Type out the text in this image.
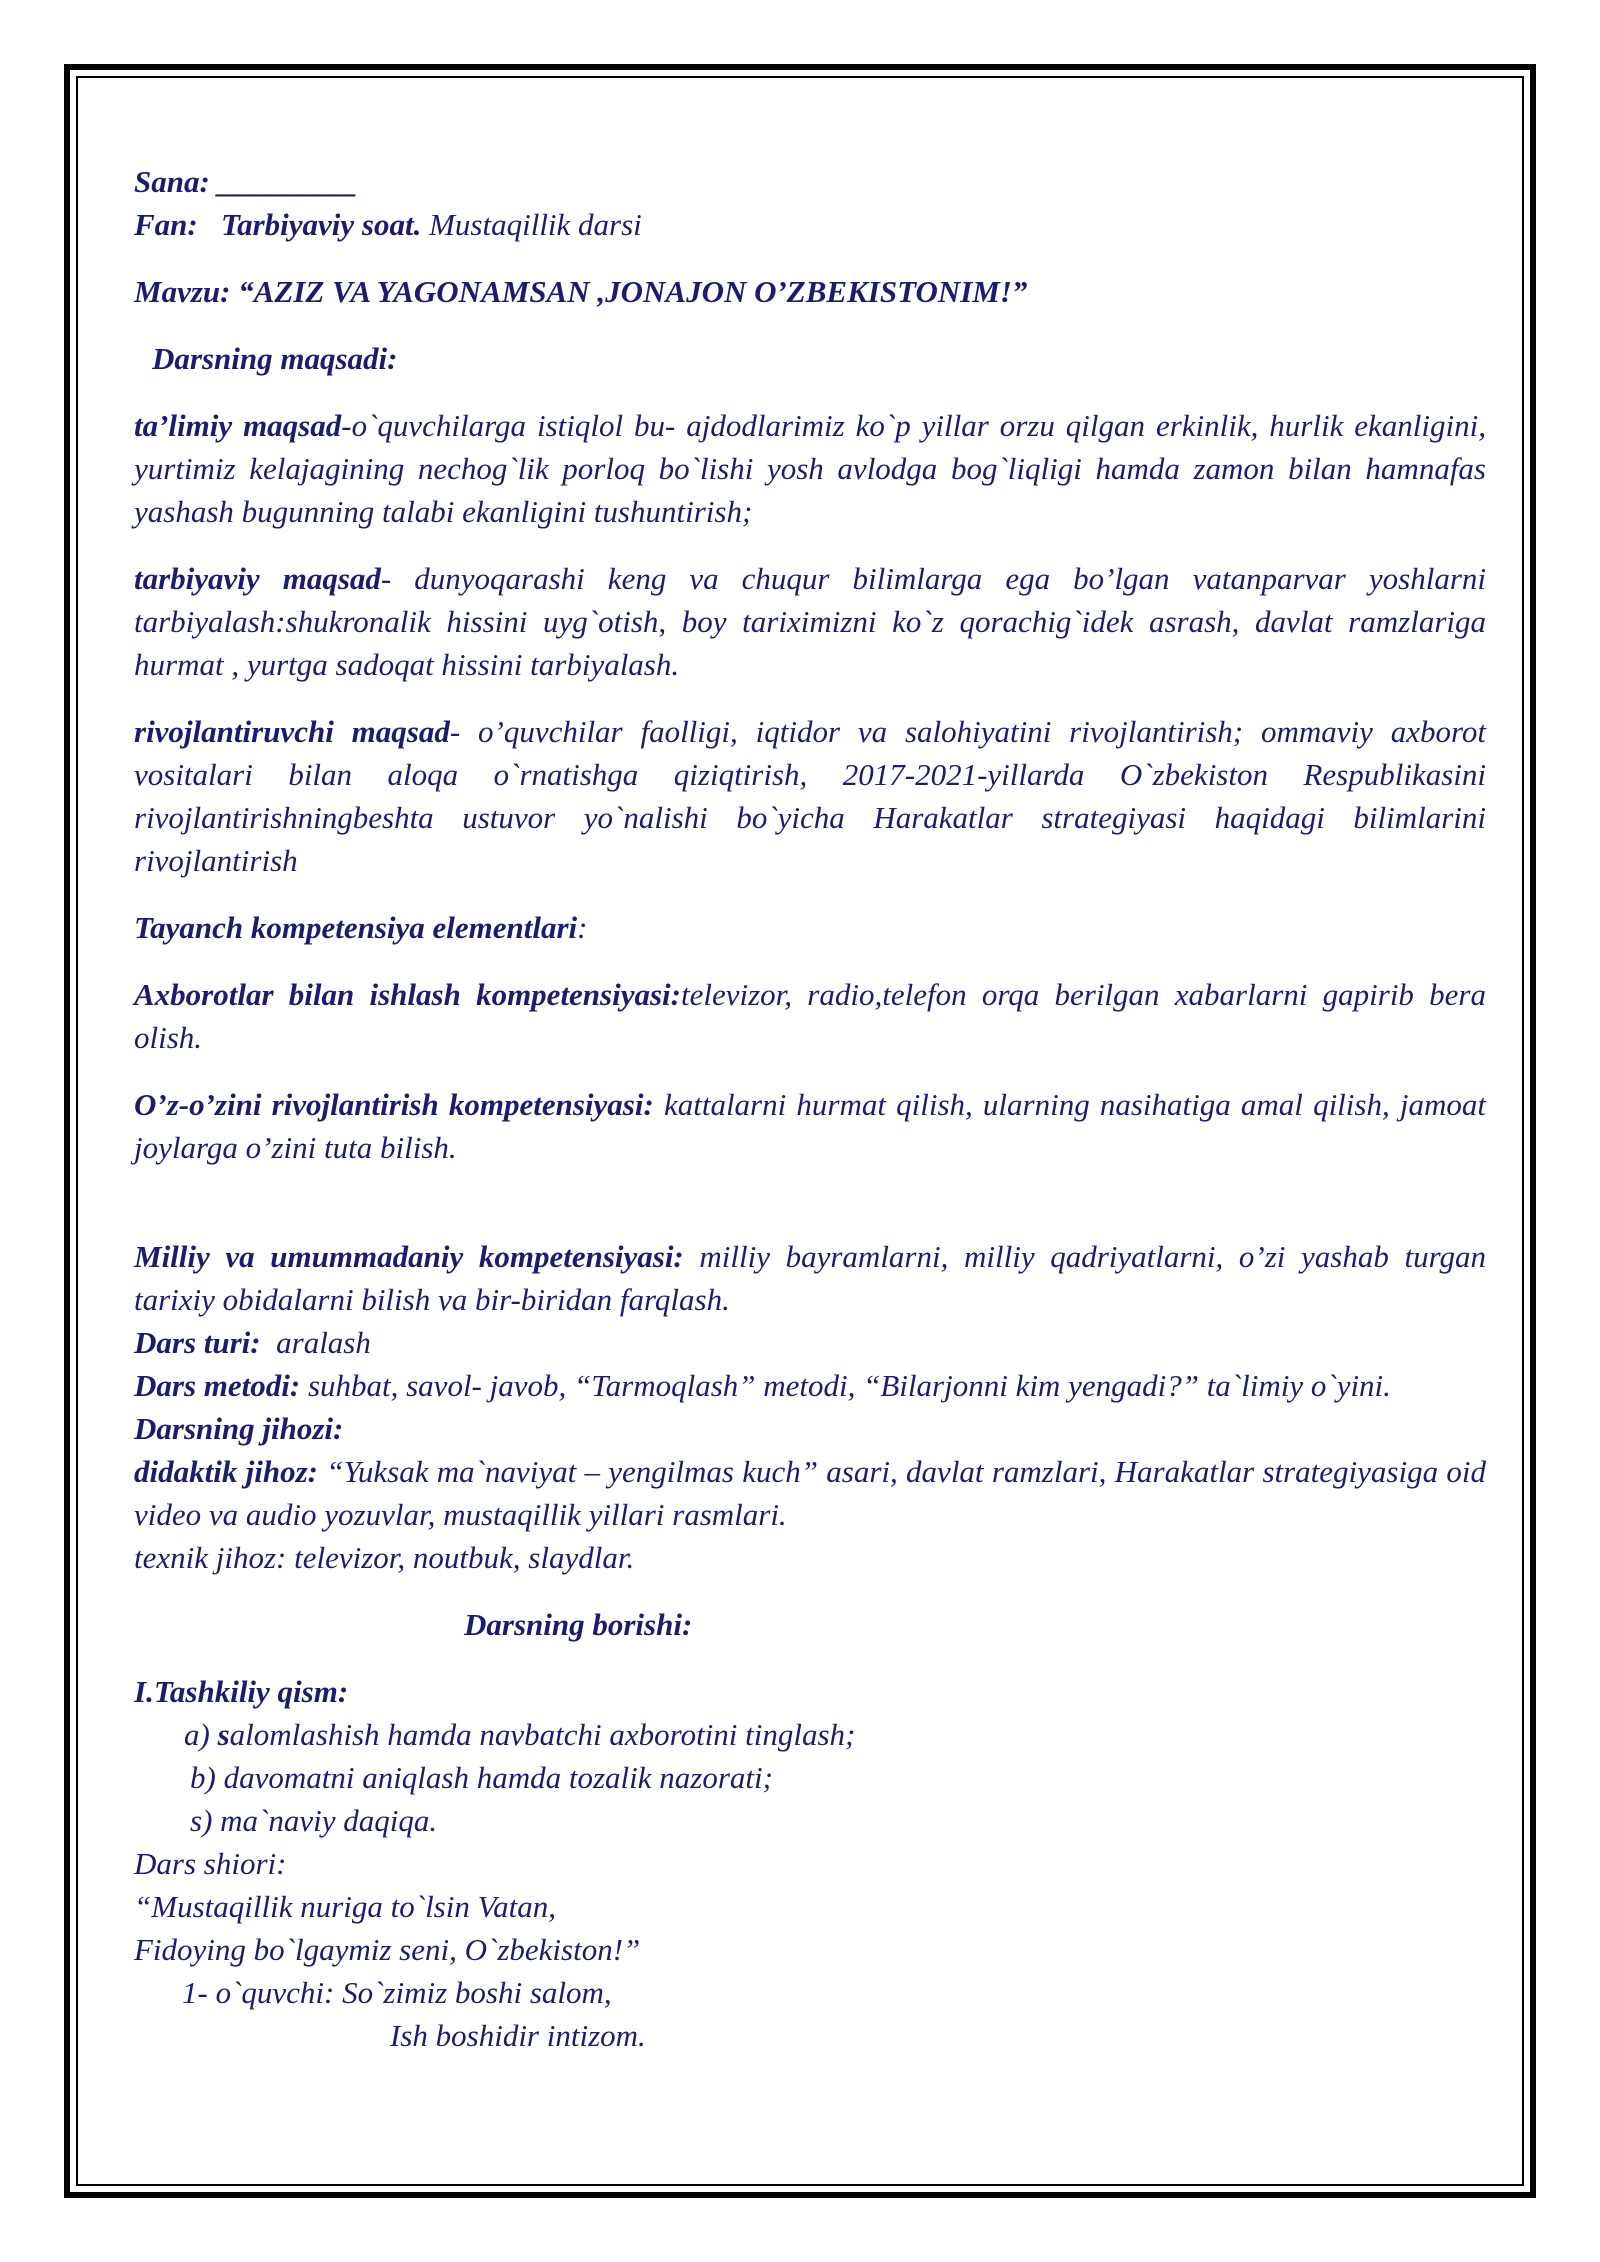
Sana: _________

Fan: Tarbiyaviy soat. Mustaqillik darsi

Mavzu: “AZIZ VA YAGONAMSAN ,JONAJON O’ZBEKISTONIM!”

Darsning maqsadi:

ta’limiy maqsad-o`quvchilarga istiqlol bu- ajdodlarimiz ko`p yillar orzu qilgan erkinlik, hurlik ekanligini, yurtimiz kelajagining nechog`lik porloq bo`lishi yosh avlodga bog`liqligi hamda zamon bilan hamnafas yashash bugunning talabi ekanligini tushuntirish;

tarbiyaviy maqsad- dunyoqarashi keng va chuqur bilimlarga ega bo’lgan vatanparvar yoshlarni tarbiyalash:shukronalik hissini uyg`otish, boy tariximizni ko`z qorachig`idek asrash, davlat ramzlariga hurmat , yurtga sadoqat hissini tarbiyalash.

rivojlantiruvchi maqsad- o’quvchilar faolligi, iqtidor va salohiyatini rivojlantirish; ommaviy axborot vositalari bilan aloqa o`rnatishga qiziqtirish, 2017-2021-yillarda O`zbekiston Respublikasini rivojlantirishningbeshta ustuvor yo`nalishi bo`yicha Harakatlar strategiyasi haqidagi bilimlarini rivojlantirish

Tayanch kompetensiya elementlari:

Axborotlar bilan ishlash kompetensiyasi:televizor, radio,telefon orqa berilgan xabarlarni gapirib bera olish.

O’z-o’zini rivojlantirish kompetensiyasi: kattalarni hurmat qilish, ularning nasihatiga amal qilish, jamoat joylarga o’zini tuta bilish.

Milliy va umummadaniy kompetensiyasi: milliy bayramlarni, milliy qadriyatlarni, o’zi yashab turgan tarixiy obidalarni bilish va bir-biridan farqlash.

Dars turi:  aralash

Dars metodi: suhbat, savol- javob, “Tarmoqlash” metodi, “Bilarjonni kim yengadi?” ta`limiy o`yini.

Darsning jihozi:

didaktik jihoz: “Yuksak ma`naviyat – yengilmas kuch” asari, davlat ramzlari, Harakatlar strategiyasiga oid video va audio yozuvlar, mustaqillik yillari rasmlari.

texnik jihoz: televizor, noutbuk, slaydlar.

Darsning borishi:

I.Tashkiliy qism:

a) salomlashish hamda navbatchi axborotini tinglash;

b) davomatni aniqlash hamda tozalik nazorati;

s) ma`naviy daqiqa.

Dars shiori:

“Mustaqillik nuriga to`lsin Vatan,

Fidoying bo`lgaymiz seni, O`zbekiston!”

1- o`quvchi: So`zimiz boshi salom,

Ish boshidir intizom.
